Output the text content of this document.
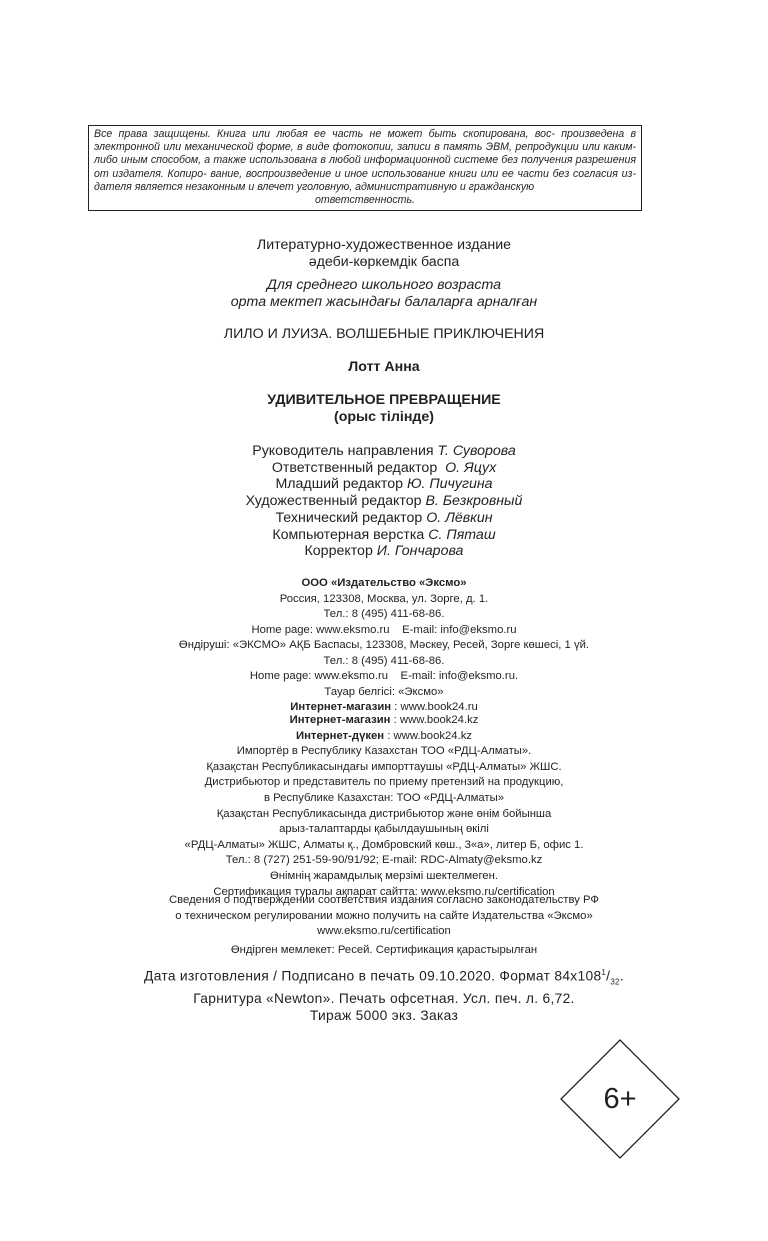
Все права защищены. Книга или любая ее часть не может быть скопирована, вос- произведена в электронной или механической форме, в виде фотокопии, записи в память ЭВМ, репродукции или каким-либо иным способом, а также использована в любой информационной системе без получения разрешения от издателя. Копиро- вание, воспроизведение и иное использование книги или ее части без согласия из- дателя является незаконным и влечет уголовную, административную и гражданскую
ответственность.
Литературно-художественное издание
әдеби-көркемдік баспа
Для среднего школьного возраста
орта мектеп жасындағы балаларға арналған
ЛИЛО И ЛУИЗА. ВОЛШЕБНЫЕ ПРИКЛЮЧЕНИЯ
Лотт Анна
УДИВИТЕЛЬНОЕ ПРЕВРАЩЕНИЕ
(орыс тілінде)
Руководитель направления Т. Суворова
Ответственный редактор О. Яцух
Младший редактор Ю. Пичугина
Художественный редактор В. Безкровный
Технический редактор О. Лёвкин
Компьютерная верстка С. Пяташ
Корректор И. Гончарова
ООО «Издательство «Эксмо»
Россия, 123308, Москва, ул. Зорге, д. 1.
Тел.: 8 (495) 411-68-86.
Home page: www.eksmo.ru    E-mail: info@eksmo.ru
Өндіруші: «ЭКСМО» АҚБ Баспасы, 123308, Мәскеу, Ресей, Зорге көшесі, 1 үй.
Тел.: 8 (495) 411-68-86.
Home page: www.eksmo.ru    E-mail: info@eksmo.ru.
Тауар белгісі: «Эксмо»
Интернет-магазин : www.book24.ru
Интернет-магазин : www.book24.kz
Интернет-дүкен : www.book24.kz
Импортёр в Республику Казахстан ТОО «РДЦ-Алматы».
Қазақстан Республикасындағы импорттаушы «РДЦ-Алматы» ЖШС.
Дистрибьютор и представитель по приему претензий на продукцию,
в Республике Казахстан: ТОО «РДЦ-Алматы»
Қазақстан Республикасында дистрибьютор және өнім бойынша
арыз-талаптарды қабылдаушының өкілі
«РДЦ-Алматы» ЖШС, Алматы қ., Домбровский көш., 3«а», литер Б, офис 1.
Тел.: 8 (727) 251-59-90/91/92; E-mail: RDC-Almaty@eksmo.kz
Өнімнің жарамдылық мерзімі шектелмеген.
Сертификация туралы ақпарат сайтта: www.eksmo.ru/certification
Сведения о подтверждении соответствия издания согласно законодательству РФ
о техническом регулировании можно получить на сайте Издательства «Эксмо»
www.eksmo.ru/certification
Өндірген мемлекет: Ресей. Сертификация қарастырылған
Дата изготовления / Подписано в печать 09.10.2020. Формат $84x108^1/_{32}$.
Гарнитура «Newton». Печать офсетная. Усл. печ. л. 6,72.
Тираж 5000 экз. Заказ
6+
